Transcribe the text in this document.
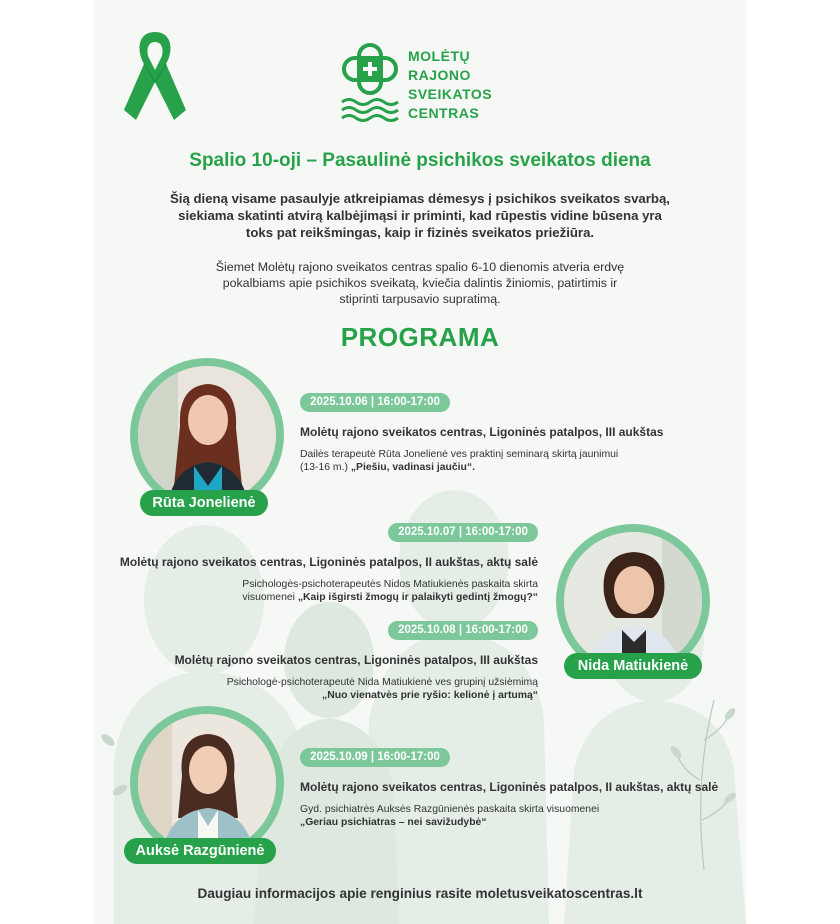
MOLĖTŲ
RAJONO
SVEIKATOS
CENTRAS
Spalio 10-oji – Pasaulinė psichikos sveikatos diena
Šią dieną visame pasaulyje atkreipiamas dėmesys į psichikos sveikatos svarbą,
siekiama skatinti atvirą kalbėjimąsi ir priminti, kad rūpestis vidine būsena yra
toks pat reikšmingas, kaip ir fizinės sveikatos priežiūra.
Šiemet Molėtų rajono sveikatos centras spalio 6-10 dienomis atveria erdvę
pokalbiams apie psichikos sveikatą, kviečia dalintis žiniomis, patirtimis ir
stiprinti tarpusavio supratimą.
PROGRAMA
Rūta Jonelienė
2025.10.06 | 16:00-17:00
Molėtų rajono sveikatos centras, Ligoninės patalpos, III aukštas
Dailės terapeutė Rūta Jonelienė ves praktinį seminarą skirtą jaunimui
(13-16 m.) „Piešiu, vadinasi jaučiu“.
2025.10.07 | 16:00-17:00
Molėtų rajono sveikatos centras, Ligoninės patalpos, II aukštas, aktų salė
Psichologės-psichoterapeutės Nidos Matiukienės paskaita skirta
visuomenei „Kaip išgirsti žmogų ir palaikyti gedintį žmogų?“
Nida Matiukienė
2025.10.08 | 16:00-17:00
Molėtų rajono sveikatos centras, Ligoninės patalpos, III aukštas
Psichologė-psichoterapeutė Nida Matiukienė ves grupinį užsiėmimą
„Nuo vienatvės prie ryšio: kelionė į artumą“
Auksė Razgūnienė
2025.10.09 | 16:00-17:00
Molėtų rajono sveikatos centras, Ligoninės patalpos, II aukštas, aktų salė
Gyd. psichiatrės Auksės Razgūnienės paskaita skirta visuomenei
„Geriau psichiatras – nei savižudybė“
Daugiau informacijos apie renginius rasite moletusveikatoscentras.lt
